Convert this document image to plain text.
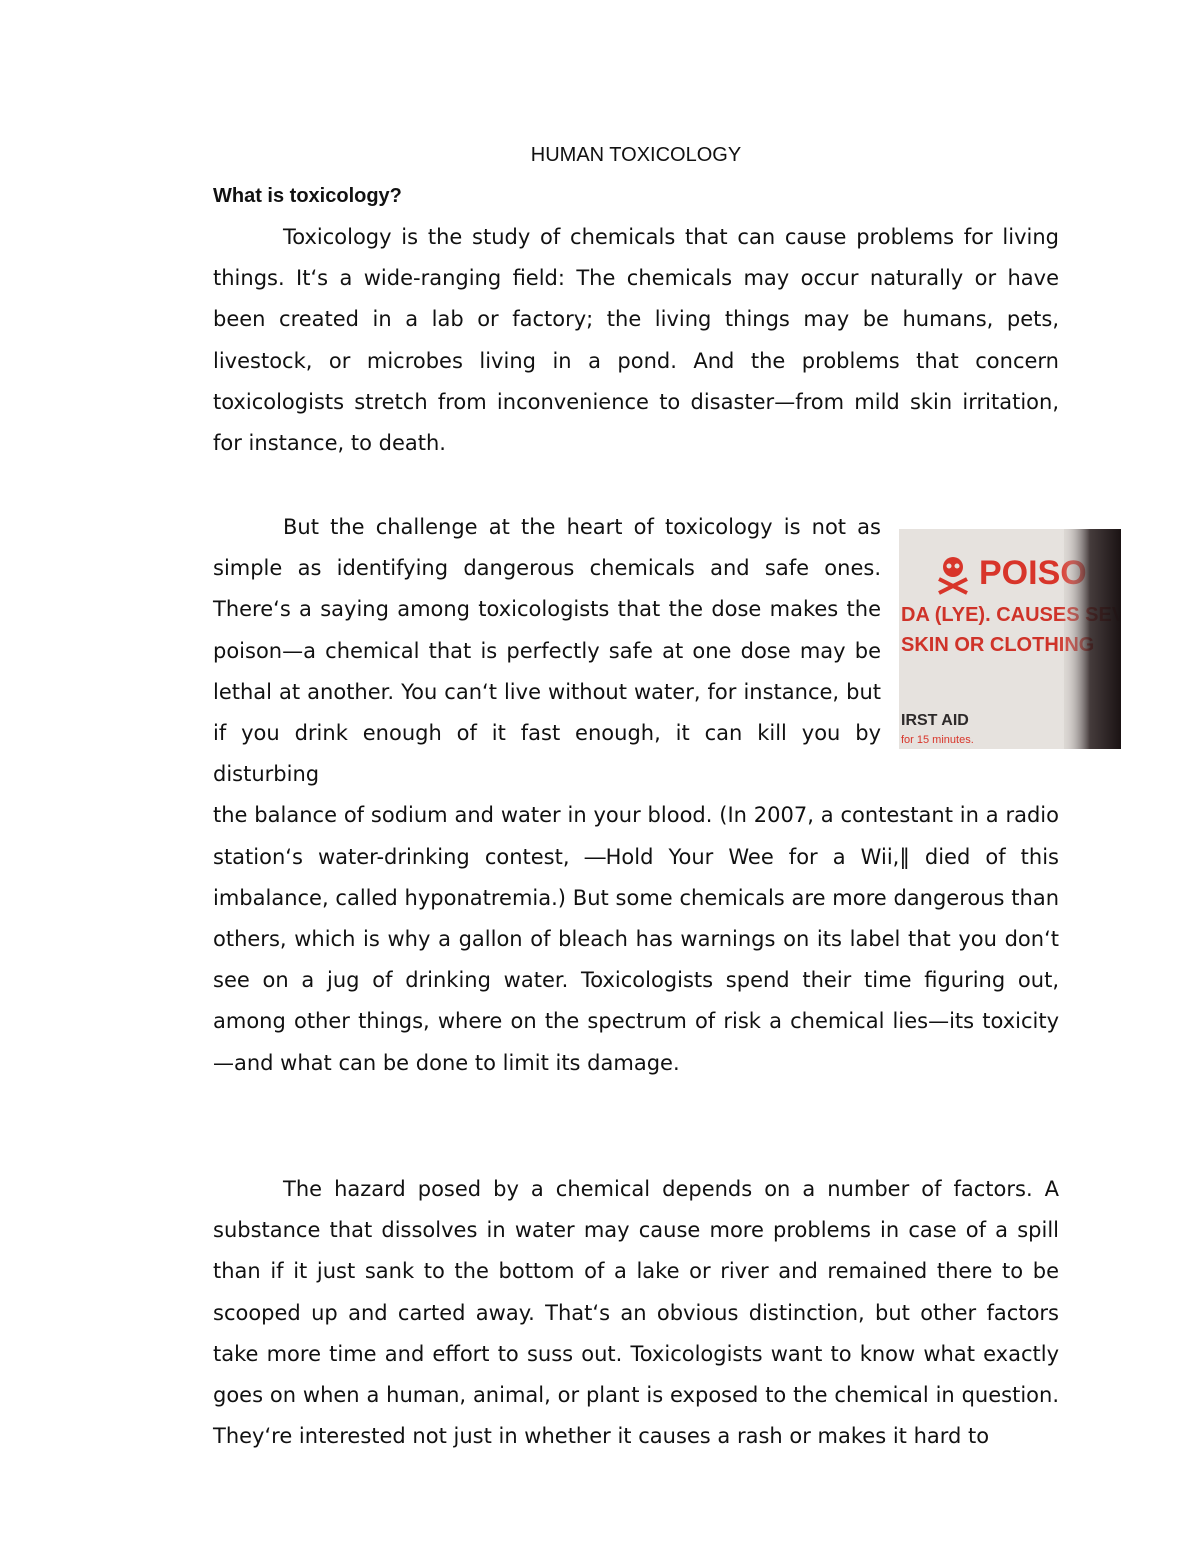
HUMAN TOXICOLOGY
What is toxicology?

Toxicology is the study of chemicals that can cause problems for living things. It‘s a wide-ranging field: The chemicals may occur naturally or have been created in a lab or factory; the living things may be humans, pets, livestock, or microbes living in a pond. And the problems that concern toxicologists stretch from inconvenience to disaster—from mild skin irritation, for instance, to death.

But the challenge at the heart of toxicology is not as simple as identifying dangerous chemicals and safe ones. There‘s a saying among toxicologists that the dose makes the poison—a chemical that is perfectly safe at one dose may be lethal at another. You can‘t live without water, for instance, but if you drink enough of it fast enough, it can kill you by disturbing

the balance of sodium and water in your blood. (In 2007, a contestant in a radio station‘s water-drinking contest, ―Hold Your Wee for a Wii,‖ died of this imbalance, called hyponatremia.) But some chemicals are more dangerous than others, which is why a gallon of bleach has warnings on its label that you don‘t see on a jug of drinking water. Toxicologists spend their time figuring out, among other things, where on the spectrum of risk a chemical lies—its toxicity—and what can be done to limit its damage.

The hazard posed by a chemical depends on a number of factors. A substance that dissolves in water may cause more problems in case of a spill than if it just sank to the bottom of a lake or river and remained there to be scooped up and carted away. That‘s an obvious distinction, but other factors take more time and effort to suss out. Toxicologists want to know what exactly goes on when a human, animal, or plant is exposed to the chemical in question. They‘re interested not just in whether it causes a rash or makes it hard to
